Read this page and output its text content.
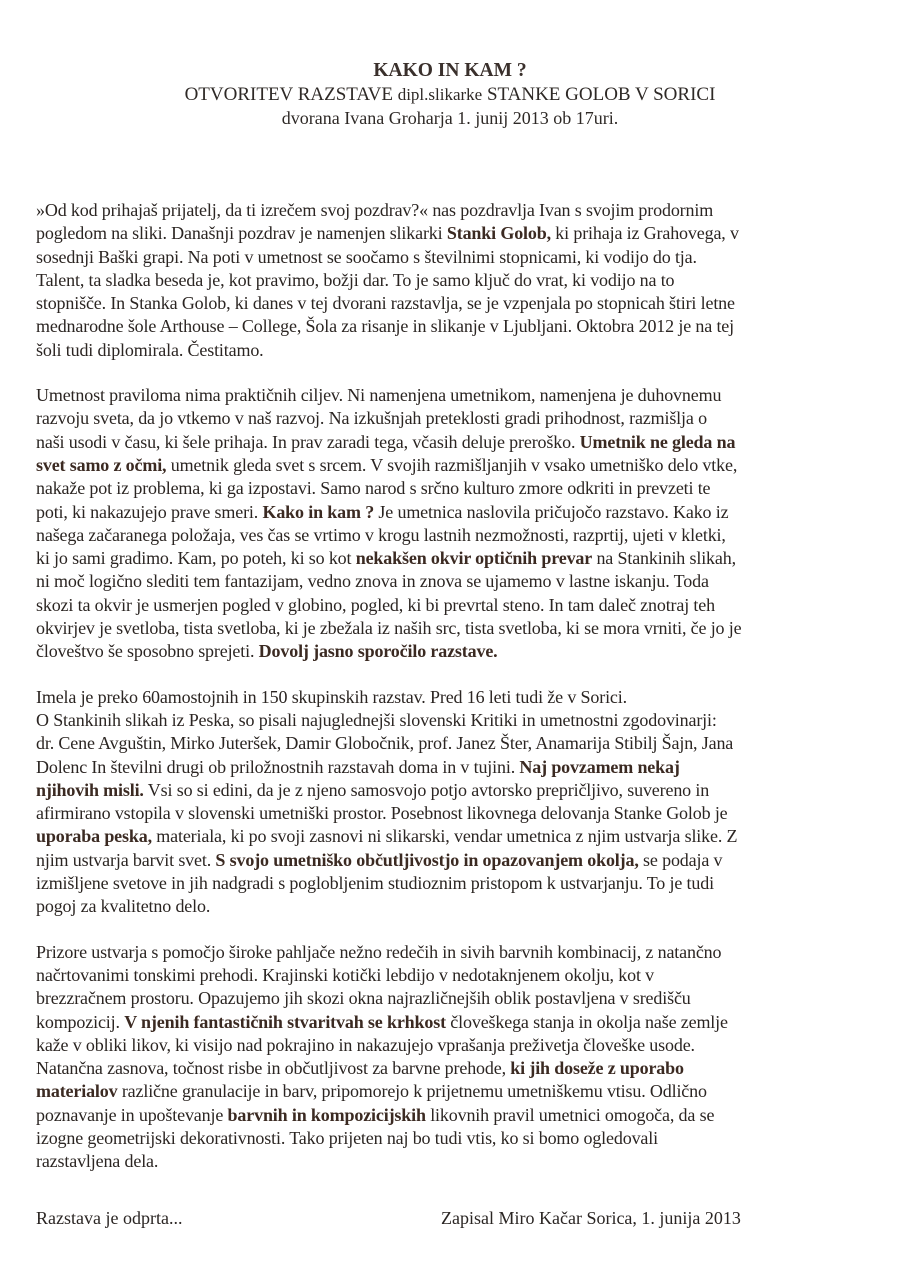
KAKO IN KAM ?
OTVORITEV RAZSTAVE dipl.slikarke STANKE GOLOB V SORICI
dvorana Ivana Groharja 1. junij 2013 ob 17uri.
»Od kod prihajaš prijatelj, da ti izrečem svoj pozdrav?« nas pozdravlja Ivan s svojim prodornim
pogledom na sliki. Današnji pozdrav je namenjen slikarki Stanki Golob, ki prihaja iz Grahovega, v
sosednji Baški grapi. Na poti v umetnost se soočamo s številnimi stopnicami, ki vodijo do tja.
Talent, ta sladka beseda je, kot pravimo, božji dar. To je samo ključ do vrat, ki vodijo na to
stopnišče. In Stanka Golob, ki danes v tej dvorani razstavlja, se je vzpenjala po stopnicah štiri letne
mednarodne šole Arthouse – College, Šola za risanje in slikanje v Ljubljani. Oktobra 2012 je na tej
šoli tudi diplomirala. Čestitamo.
Umetnost praviloma nima praktičnih ciljev. Ni namenjena umetnikom, namenjena je duhovnemu
razvoju sveta, da jo vtkemo v naš razvoj. Na izkušnjah preteklosti gradi prihodnost, razmišlja o
naši usodi v času, ki šele prihaja. In prav zaradi tega, včasih deluje preroško. Umetnik ne gleda na
svet samo z očmi, umetnik gleda svet s srcem. V svojih razmišljanjih v vsako umetniško delo vtke,
nakaže pot iz problema, ki ga izpostavi. Samo narod s srčno kulturo zmore odkriti in prevzeti te
poti, ki nakazujejo prave smeri. Kako in kam ? Je umetnica naslovila pričujočo razstavo. Kako iz
našega začaranega položaja, ves čas se vrtimo v krogu lastnih nezmožnosti, razprtij, ujeti v kletki,
ki jo sami gradimo. Kam, po poteh, ki so kot nekakšen okvir optičnih prevar na Stankinih slikah,
ni moč logično slediti tem fantazijam, vedno znova in znova se ujamemo v lastne iskanju. Toda
skozi ta okvir je usmerjen pogled v globino, pogled, ki bi prevrtal steno. In tam daleč znotraj teh
okvirjev je svetloba, tista svetloba, ki je zbežala iz naših src, tista svetloba, ki se mora vrniti, če jo je
človeštvo še sposobno sprejeti. Dovolj jasno sporočilo razstave.
Imela je preko 60amostojnih in 150 skupinskih razstav. Pred 16 leti tudi že v Sorici.
O Stankinih slikah iz Peska, so pisali najuglednejši slovenski Kritiki in umetnostni zgodovinarji:
dr. Cene Avguštin, Mirko Juteršek, Damir Globočnik, prof. Janez Šter, Anamarija Stibilj Šajn, Jana
Dolenc In številni drugi ob priložnostnih razstavah doma in v tujini. Naj povzamem nekaj
njihovih misli. Vsi so si edini, da je z njeno samosvojo potjo avtorsko prepričljivo, suvereno in
afirmirano vstopila v slovenski umetniški prostor. Posebnost likovnega delovanja Stanke Golob je
uporaba peska, materiala, ki po svoji zasnovi ni slikarski, vendar umetnica z njim ustvarja slike. Z
njim ustvarja barvit svet. S svojo umetniško občutljivostjo in opazovanjem okolja, se podaja v
izmišljene svetove in jih nadgradi s poglobljenim studioznim pristopom k ustvarjanju. To je tudi
pogoj za kvalitetno delo.
Prizore ustvarja s pomočjo široke pahljače nežno redečih in sivih barvnih kombinacij, z natančno
načrtovanimi tonskimi prehodi. Krajinski kotički lebdijo v nedotaknjenem okolju, kot v
brezzračnem prostoru. Opazujemo jih skozi okna najrazličnejših oblik postavljena v središču
kompozicij. V njenih fantastičnih stvaritvah se krhkost človeškega stanja in okolja naše zemlje
kaže v obliki likov, ki visijo nad pokrajino in nakazujejo vprašanja preživetja človeške usode.
Natančna zasnova, točnost risbe in občutljivost za barvne prehode, ki jih doseže z uporabo
materialov različne granulacije in barv, pripomorejo k prijetnemu umetniškemu vtisu. Odlično
poznavanje in upoštevanje barvnih in kompozicijskih likovnih pravil umetnici omogoča, da se
izogne geometrijski dekorativnosti. Tako prijeten naj bo tudi vtis, ko si bomo ogledovali
razstavljena dela.
Razstava je odprta...	Zapisal Miro Kačar Sorica, 1. junija 2013
